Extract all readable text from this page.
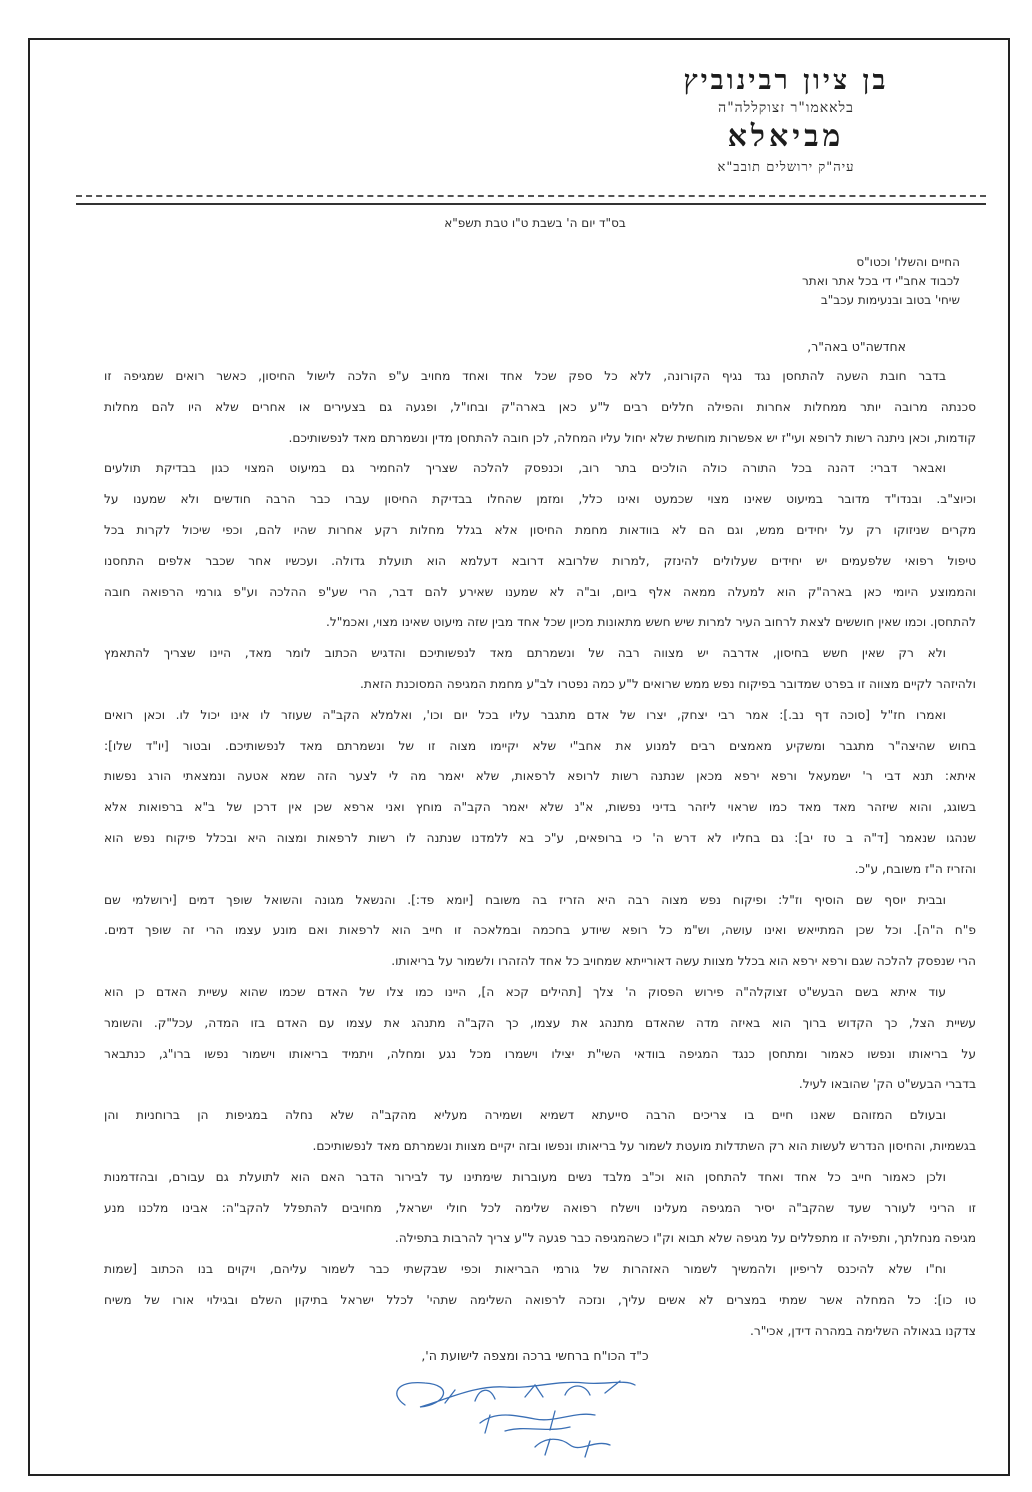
בן ציון רבינוביץ
בלאאמו"ר זצוקללה"ה
מביאלא
עיה"ק ירושלים תובב"א
בס"ד יום ה' בשבת ט"ו טבת תשפ"א
החיים והשלו' וכטו"ס
לכבוד אחב"י די בכל אתר ואתר
שיחי' בטוב ובנעימות עכב"ב
אחדשה"ט באה"ר,
בדבר חובת השעה להתחסן נגד נגיף הקורונה, ללא כל ספק שכל אחד ואחד מחויב ע"פ הלכה לישול החיסון, כאשר רואים שמגיפה זו
סכנתה מרובה יותר ממחלות אחרות והפילה חללים רבים ל"ע כאן בארה"ק ובחו"ל, ופגעה גם בצעירים או אחרים שלא היו להם מחלות
קודמות, וכאן ניתנה רשות לרופא ועי"ז יש אפשרות מוחשית שלא יחול עליו המחלה, לכן חובה להתחסן מדין ונשמרתם מאד לנפשותיכם.
ואבאר דברי: דהנה בכל התורה כולה הולכים בתר רוב, וכנפסק להלכה שצריך להחמיר גם במיעוט המצוי כגון בבדיקת תולעים
וכיוצ"ב. ובנדו"ד מדובר במיעוט שאינו מצוי שכמעט ואינו כלל, ומזמן שהחלו בבדיקת החיסון עברו כבר הרבה חודשים ולא שמענו על
מקרים שניזוקו רק על יחידים ממש, וגם הם לא בוודאות מחמת החיסון אלא בגלל מחלות רקע אחרות שהיו להם, וכפי שיכול לקרות בכל
טיפול רפואי שלפעמים יש יחידים שעלולים להינזק ,למרות שלרובא דרובא דעלמא הוא תועלת גדולה. ועכשיו אחר שכבר אלפים התחסנו
והממוצע היומי כאן בארה"ק הוא למעלה ממאה אלף ביום, וב"ה לא שמענו שאירע להם דבר, הרי שע"פ ההלכה וע"פ גורמי הרפואה חובה
להתחסן. וכמו שאין חוששים לצאת לרחוב העיר למרות שיש חשש מתאונות מכיון שכל אחד מבין שזה מיעוט שאינו מצוי, ואכמ"ל.
ולא רק שאין חשש בחיסון, אדרבה יש מצווה רבה של ונשמרתם מאד לנפשותיכם והדגיש הכתוב לומר מאד, היינו שצריך להתאמץ
ולהיזהר לקיים מצווה זו בפרט שמדובר בפיקוח נפש ממש שרואים ל"ע כמה נפטרו לב"ע מחמת המגיפה המסוכנת הזאת.
ואמרו חז"ל [סוכה דף נב.]: אמר רבי יצחק, יצרו של אדם מתגבר עליו בכל יום וכו', ואלמלא הקב"ה שעוזר לו אינו יכול לו. וכאן רואים
בחוש שהיצה"ר מתגבר ומשקיע מאמצים רבים למנוע את אחב"י שלא יקיימו מצוה זו של ונשמרתם מאד לנפשותיכם. ובטור [יו"ד שלו]:
איתא: תנא דבי ר' ישמעאל ורפא ירפא מכאן שנתנה רשות לרופא לרפאות, שלא יאמר מה לי לצער הזה שמא אטעה ונמצאתי הורג נפשות
בשוגג, והוא שיזהר מאד מאד כמו שראוי ליזהר בדיני נפשות, א"נ שלא יאמר הקב"ה מוחץ ואני ארפא שכן אין דרכן של ב"א ברפואות אלא
שנהגו שנאמר [ד"ה ב טז יב]: גם בחליו לא דרש ה' כי ברופאים, ע"כ בא ללמדנו שנתנה לו רשות לרפאות ומצוה היא ובכלל פיקוח נפש הוא
והזריז ה"ז משובח, ע"כ.
ובבית יוסף שם הוסיף וז"ל: ופיקוח נפש מצוה רבה היא הזריז בה משובח [יומא פד:]. והנשאל מגונה והשואל שופך דמים [ירושלמי שם
פ"ח ה"ה]. וכל שכן המתייאש ואינו עושה, וש"מ כל רופא שיודע בחכמה ובמלאכה זו חייב הוא לרפאות ואם מונע עצמו הרי זה שופך דמים.
הרי שנפסק להלכה שגם ורפא ירפא הוא בכלל מצוות עשה דאורייתא שמחויב כל אחד להזהרו ולשמור על בריאותו.
עוד איתא בשם הבעש"ט זצוקלה"ה פירוש הפסוק ה' צלך [תהילים קכא ה], היינו כמו צלו של האדם שכמו שהוא עשיית האדם כן הוא
עשיית הצל, כך הקדוש ברוך הוא באיזה מדה שהאדם מתנהג את עצמו, כך הקב"ה מתנהג את עצמו עם האדם בזו המדה, עכל"ק. והשומר
על בריאותו ונפשו כאמור ומתחסן כנגד המגיפה בוודאי השי"ת יצילו וישמרו מכל נגע ומחלה, ויתמיד בריאותו וישמור נפשו ברו"ג, כנתבאר
בדברי הבעש"ט הק' שהובאו לעיל.
ובעולם המזוהם שאנו חיים בו צריכים הרבה סייעתא דשמיא ושמירה מעליא מהקב"ה שלא נחלה במגיפות הן ברוחניות והן
בגשמיות, והחיסון הנדרש לעשות הוא רק השתדלות מועטת לשמור על בריאותו ונפשו ובזה יקיים מצוות ונשמרתם מאד לנפשותיכם.
ולכן כאמור חייב כל אחד ואחד להתחסן הוא וכ"ב מלבד נשים מעוברות שימתינו עד לבירור הדבר האם הוא לתועלת גם עבורם, ובהזדמנות
זו הריני לעורר שעד שהקב"ה יסיר המגיפה מעלינו וישלח רפואה שלימה לכל חולי ישראל, מחויבים להתפלל להקב"ה: אבינו מלכנו מנע
מגיפה מנחלתך, ותפילה זו מתפללים על מגיפה שלא תבוא וק"ו כשהמגיפה כבר פגעה ל"ע צריך להרבות בתפילה.
וח"ו שלא להיכנס לריפיון ולהמשיך לשמור האזהרות של גורמי הבריאות וכפי שבקשתי כבר לשמור עליהם, ויקוים בנו הכתוב [שמות
טו כו]: כל המחלה אשר שמתי במצרים לא אשים עליך, ונזכה לרפואה השלימה שתהי' לכלל ישראל בתיקון השלם ובגילוי אורו של משיח
צדקנו בגאולה השלימה במהרה דידן, אכי"ר.
כ"ד הכו"ח ברחשי ברכה ומצפה לישועת ה',
